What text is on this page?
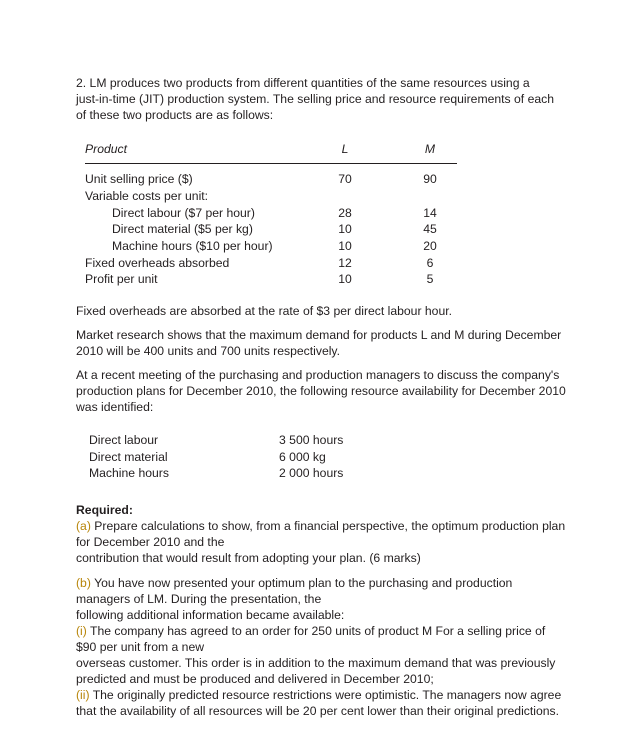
2. LM produces two products from different quantities of the same resources using a just-in-time (JIT) production system. The selling price and resource requirements of each of these two products are as follows:
Product	L	M
Unit selling price ($)	70	90
Variable costs per unit:
Direct labour ($7 per hour)	28	14
Direct material ($5 per kg)	10	45
Machine hours ($10 per hour)	10	20
Fixed overheads absorbed	12	6
Profit per unit	10	5
Fixed overheads are absorbed at the rate of $3 per direct labour hour.
Market research shows that the maximum demand for products L and M during December 2010 will be 400 units and 700 units respectively.
At a recent meeting of the purchasing and production managers to discuss the company's production plans for December 2010, the following resource availability for December 2010 was identified:
Direct labour	3 500 hours
Direct material	6 000 kg
Machine hours	2 000 hours
Required:
(a) Prepare calculations to show, from a financial perspective, the optimum production plan for December 2010 and the
contribution that would result from adopting your plan. (6 marks)
(b) You have now presented your optimum plan to the purchasing and production managers of LM. During the presentation, the
following additional information became available:
(i) The company has agreed to an order for 250 units of product M For a selling price of $90 per unit from a new
overseas customer. This order is in addition to the maximum demand that was previously predicted and must be produced and delivered in December 2010;
(ii) The originally predicted resource restrictions were optimistic. The managers now agree that the availability of all resources will be 20 per cent lower than their original predictions.
